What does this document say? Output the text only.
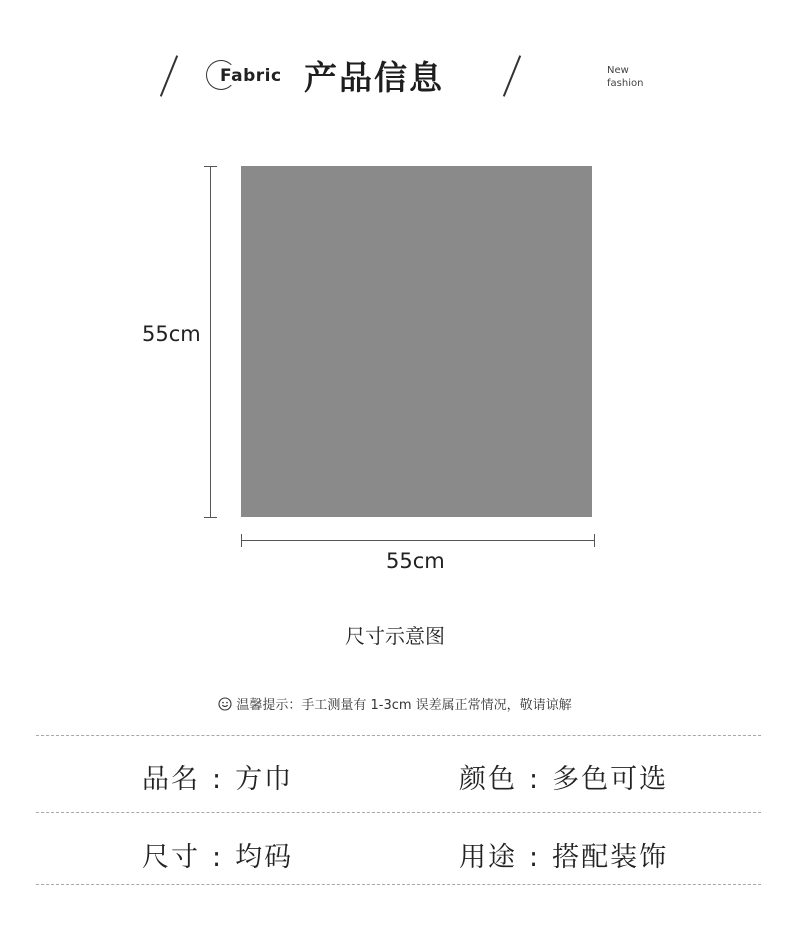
Fabric 产品信息	New
fashion
55cm
55cm
尺寸示意图
温馨提示：手工测量有 1-3cm 误差属正常情况，敬请谅解
品名 : 方巾	颜色 : 多色可选
尺寸 : 均码	用途 : 搭配装饰
